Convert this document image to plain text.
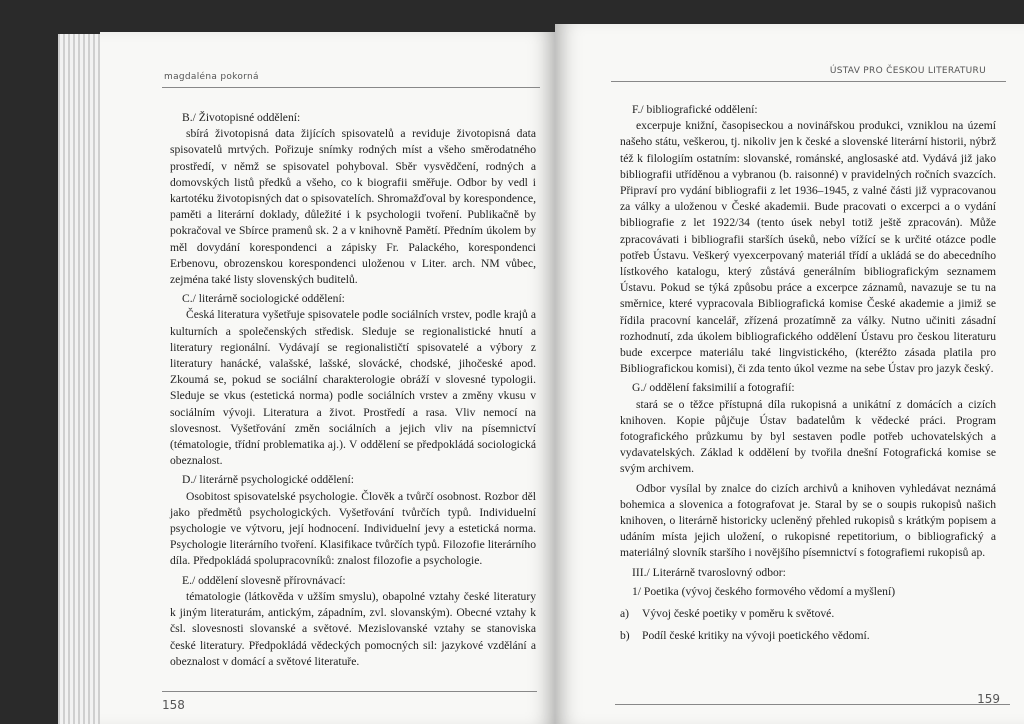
magdaléna pokorná

B./ Životopisné oddělení:

sbírá životopisná data žijících spisovatelů a reviduje životopisná data spisovatelů mrtvých. Pořizuje snímky rodných míst a všeho směrodatného prostředí, v němž se spisovatel pohyboval. Sběr vysvědčení, rodných a domovských listů předků a všeho, co k biografii směřuje. Odbor by vedl i kartotéku životopisných dat o spisovatelích. Shromažďoval by korespondence, paměti a literární doklady, důležité i k psychologii tvoření. Publikačně by pokračoval ve Sbírce pramenů sk. 2 a v knihovně Pamětí. Předním úkolem by měl dovydání korespondenci a zápisky Fr. Palackého, korespondenci Erbenovu, obrozenskou korespondenci uloženou v Liter. arch. NM vůbec, zejména také listy slovenských buditelů.

C./ literárně sociologické oddělení:

Česká literatura vyšetřuje spisovatele podle sociálních vrstev, podle krajů a kulturních a společenských středisk. Sleduje se regionalistické hnutí a literatury regionální. Vydávají se regionalističtí spisovatelé a výbory z literatury hanácké, valašské, lašské, slovácké, chodské, jihočeské apod. Zkoumá se, pokud se sociální charakterologie obráží v slovesné typologii. Sleduje se vkus (estetická norma) podle sociálních vrstev a změny vkusu v sociálním vývoji. Literatura a život. Prostředí a rasa. Vliv nemocí na slovesnost. Vyšetřování změn sociálních a jejich vliv na písemnictví (tématologie, třídní problematika aj.). V oddělení se předpokládá sociologická obeznalost.

D./ literárně psychologické oddělení:

Osobitost spisovatelské psychologie. Člověk a tvůrčí osobnost. Rozbor děl jako předmětů psychologických. Vyšetřování tvůrčích typů. Individuelní psychologie ve výtvoru, její hodnocení. Individuelní jevy a estetická norma. Psychologie literárního tvoření. Klasifikace tvůrčích typů. Filozofie literárního díla. Předpokládá spolupracovníků: znalost filozofie a psychologie.

E./ oddělení slovesně přírovnávací:

tématologie (látkověda v užším smyslu), obapolné vztahy české literatury k jiným literaturám, antickým, západním, zvl. slovanským). Obecné vztahy k čsl. slovesnosti slovanské a světové. Mezislovanské vztahy se stanoviska české literatury. Předpokládá vědeckých pomocných sil: jazykové vzdělání a obeznalost v domácí a světové literatuře.

158
ÚSTAV PRO ČESKOU LITERATURU

F./ bibliografické oddělení:

excerpuje knižní, časopiseckou a novinářskou produkci, vzniklou na území našeho státu, veškerou, tj. nikoliv jen k české a slovenské literární historii, nýbrž též k filologiím ostatním: slovanské, románské, anglosaské atd. Vydává již jako bibliografii utříděnou a vybranou (b. raisonné) v pravidelných ročních svazcích. Připraví pro vydání bibliografii z let 1936–1945, z valné části již vypracovanou za války a uloženou v České akademii. Bude pracovati o excerpci a o vydání bibliografie z let 1922/34 (tento úsek nebyl totiž ještě zpracován). Může zpracovávati i bibliografii starších úseků, nebo vížící se k určité otázce podle potřeb Ústavu. Veškerý vyexcerpovaný materiál třídí a ukládá se do abecedního lístkového katalogu, který zůstává generálním bibliografickým seznamem Ústavu. Pokud se týká způsobu práce a excerpce záznamů, navazuje se tu na směrnice, které vypracovala Bibliografická komise České akademie a jimiž se řídila pracovní kancelář, zřízená prozatímně za války. Nutno učiniti zásadní rozhodnutí, zda úkolem bibliografického oddělení Ústavu pro českou literaturu bude excerpce materiálu také lingvistického, (kteréžto zásada platila pro Bibliografickou komisi), či zda tento úkol vezme na sebe Ústav pro jazyk český.

G./ oddělení faksimilií a fotografií:

stará se o těžce přístupná díla rukopisná a unikátní z domácích a cizích knihoven. Kopie půjčuje Ústav badatelům k vědecké práci. Program fotografického průzkumu by byl sestaven podle potřeb uchovatelských a vydavatelských. Základ k oddělení by tvořila dnešní Fotografická komise se svým archivem.

Odbor vysílal by znalce do cizích archivů a knihoven vyhledávat neznámá bohemica a slovenica a fotografovat je. Staral by se o soupis rukopisů našich knihoven, o literárně historicky ucleněný přehled rukopisů s krátkým popisem a udáním místa jejich uložení, o rukopisné repetitorium, o bibliografický a materiálný slovník staršího i novějšího písemnictví s fotografiemi rukopisů ap.

III./ Literárně tvaroslovný odbor:

1/ Poetika (vývoj českého formového vědomí a myšlení)

a)	Vývoj české poetiky v poměru k světové.
b)	Podíl české kritiky na vývoji poetického vědomí.
159
